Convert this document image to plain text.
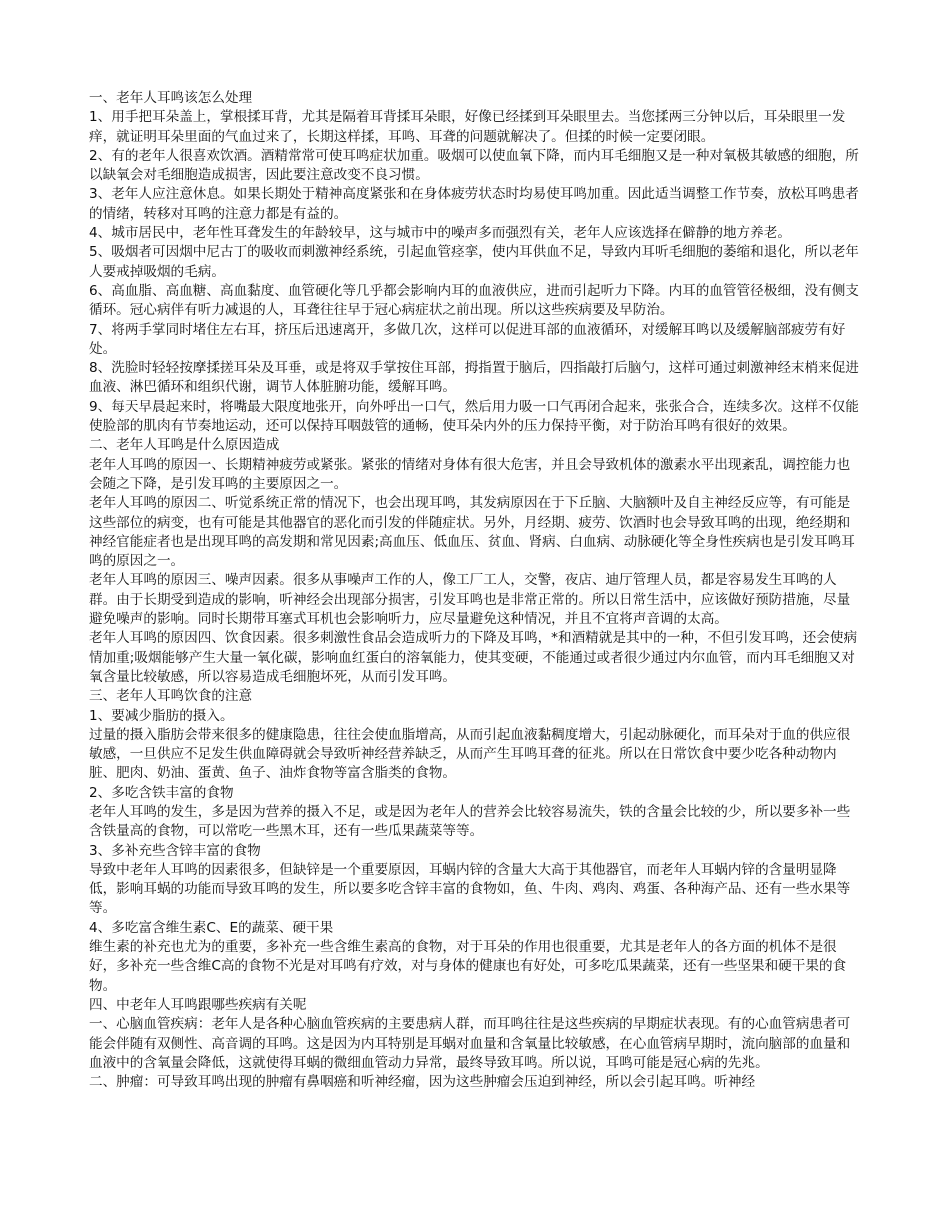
一、老年人耳鸣该怎么处理

1、用手把耳朵盖上，掌根揉耳背，尤其是隔着耳背揉耳朵眼，好像已经揉到耳朵眼里去。当您揉两三分钟以后，耳朵眼里一发痒，就证明耳朵里面的气血过来了，长期这样揉，耳鸣、耳聋的问题就解决了。但揉的时候一定要闭眼。

2、有的老年人很喜欢饮酒。酒精常常可使耳鸣症状加重。吸烟可以使血氧下降，而内耳毛细胞又是一种对氧极其敏感的细胞，所以缺氧会对毛细胞造成损害，因此要注意改变不良习惯。

3、老年人应注意休息。如果长期处于精神高度紧张和在身体疲劳状态时均易使耳鸣加重。因此适当调整工作节奏，放松耳鸣患者的情绪，转移对耳鸣的注意力都是有益的。

4、城市居民中，老年性耳聋发生的年龄较早，这与城市中的噪声多而强烈有关，老年人应该选择在僻静的地方养老。

5、吸烟者可因烟中尼古丁的吸收而刺激神经系统，引起血管痉挛，使内耳供血不足，导致内耳听毛细胞的萎缩和退化，所以老年人要戒掉吸烟的毛病。

6、高血脂、高血糖、高血黏度、血管硬化等几乎都会影响内耳的血液供应，进而引起听力下降。内耳的血管管径极细，没有侧支循环。冠心病伴有听力减退的人，耳聋往往早于冠心病症状之前出现。所以这些疾病要及早防治。

7、将两手掌同时堵住左右耳，挤压后迅速离开，多做几次，这样可以促进耳部的血液循环，对缓解耳鸣以及缓解脑部疲劳有好处。

8、洗脸时轻轻按摩揉搓耳朵及耳垂，或是将双手掌按住耳部，拇指置于脑后，四指敲打后脑勺，这样可通过刺激神经末梢来促进血液、淋巴循环和组织代谢，调节人体脏腑功能，缓解耳鸣。

9、每天早晨起来时，将嘴最大限度地张开，向外呼出一口气，然后用力吸一口气再闭合起来，张张合合，连续多次。这样不仅能使脸部的肌肉有节奏地运动，还可以保持耳咽鼓管的通畅，使耳朵内外的压力保持平衡，对于防治耳鸣有很好的效果。

二、老年人耳鸣是什么原因造成

老年人耳鸣的原因一、长期精神疲劳或紧张。紧张的情绪对身体有很大危害，并且会导致机体的激素水平出现紊乱，调控能力也会随之下降，是引发耳鸣的主要原因之一。

老年人耳鸣的原因二、听觉系统正常的情况下，也会出现耳鸣，其发病原因在于下丘脑、大脑额叶及自主神经反应等，有可能是这些部位的病变，也有可能是其他器官的恶化而引发的伴随症状。另外，月经期、疲劳、饮酒时也会导致耳鸣的出现，绝经期和神经官能症者也是出现耳鸣的高发期和常见因素;高血压、低血压、贫血、肾病、白血病、动脉硬化等全身性疾病也是引发耳鸣耳鸣的原因之一。

老年人耳鸣的原因三、噪声因素。很多从事噪声工作的人，像工厂工人，交警，夜店、迪厅管理人员，都是容易发生耳鸣的人群。由于长期受到造成的影响，听神经会出现部分损害，引发耳鸣也是非常正常的。所以日常生活中，应该做好预防措施，尽量避免噪声的影响。同时长期带耳塞式耳机也会影响听力，应尽量避免这种情况，并且不宜将声音调的太高。

老年人耳鸣的原因四、饮食因素。很多刺激性食品会造成听力的下降及耳鸣，*和酒精就是其中的一种，不但引发耳鸣，还会使病情加重;吸烟能够产生大量一氧化碳，影响血红蛋白的溶氧能力，使其变硬，不能通过或者很少通过内尔血管，而内耳毛细胞又对氧含量比较敏感，所以容易造成毛细胞坏死，从而引发耳鸣。

三、老年人耳鸣饮食的注意

1、要减少脂肪的摄入。

过量的摄入脂肪会带来很多的健康隐患，往往会使血脂增高，从而引起血液黏稠度增大，引起动脉硬化，而耳朵对于血的供应很敏感，一旦供应不足发生供血障碍就会导致听神经营养缺乏，从而产生耳鸣耳聋的征兆。所以在日常饮食中要少吃各种动物内脏、肥肉、奶油、蛋黄、鱼子、油炸食物等富含脂类的食物。

2、多吃含铁丰富的食物

老年人耳鸣的发生，多是因为营养的摄入不足，或是因为老年人的营养会比较容易流失，铁的含量会比较的少，所以要多补一些含铁量高的食物，可以常吃一些黑木耳，还有一些瓜果蔬菜等等。

3、多补充些含锌丰富的食物

导致中老年人耳鸣的因素很多，但缺锌是一个重要原因，耳蜗内锌的含量大大高于其他器官，而老年人耳蜗内锌的含量明显降低，影响耳蜗的功能而导致耳鸣的发生，所以要多吃含锌丰富的食物如，鱼、牛肉、鸡肉、鸡蛋、各种海产品、还有一些水果等等。

4、多吃富含维生素C、E的蔬菜、硬干果

维生素的补充也尤为的重要，多补充一些含维生素高的食物，对于耳朵的作用也很重要，尤其是老年人的各方面的机体不是很好，多补充一些含维C高的食物不光是对耳鸣有疗效，对与身体的健康也有好处，可多吃瓜果蔬菜，还有一些坚果和硬干果的食物。

四、中老年人耳鸣跟哪些疾病有关呢

一、心脑血管疾病：老年人是各种心脑血管疾病的主要患病人群，而耳鸣往往是这些疾病的早期症状表现。有的心血管病患者可能会伴随有双侧性、高音调的耳鸣。这是因为内耳特别是耳蜗对血量和含氧量比较敏感，在心血管病早期时，流向脑部的血量和血液中的含氧量会降低，这就使得耳蜗的微细血管动力异常，最终导致耳鸣。所以说，耳鸣可能是冠心病的先兆。

二、肿瘤：可导致耳鸣出现的肿瘤有鼻咽癌和听神经瘤，因为这些肿瘤会压迫到神经，所以会引起耳鸣。听神经
